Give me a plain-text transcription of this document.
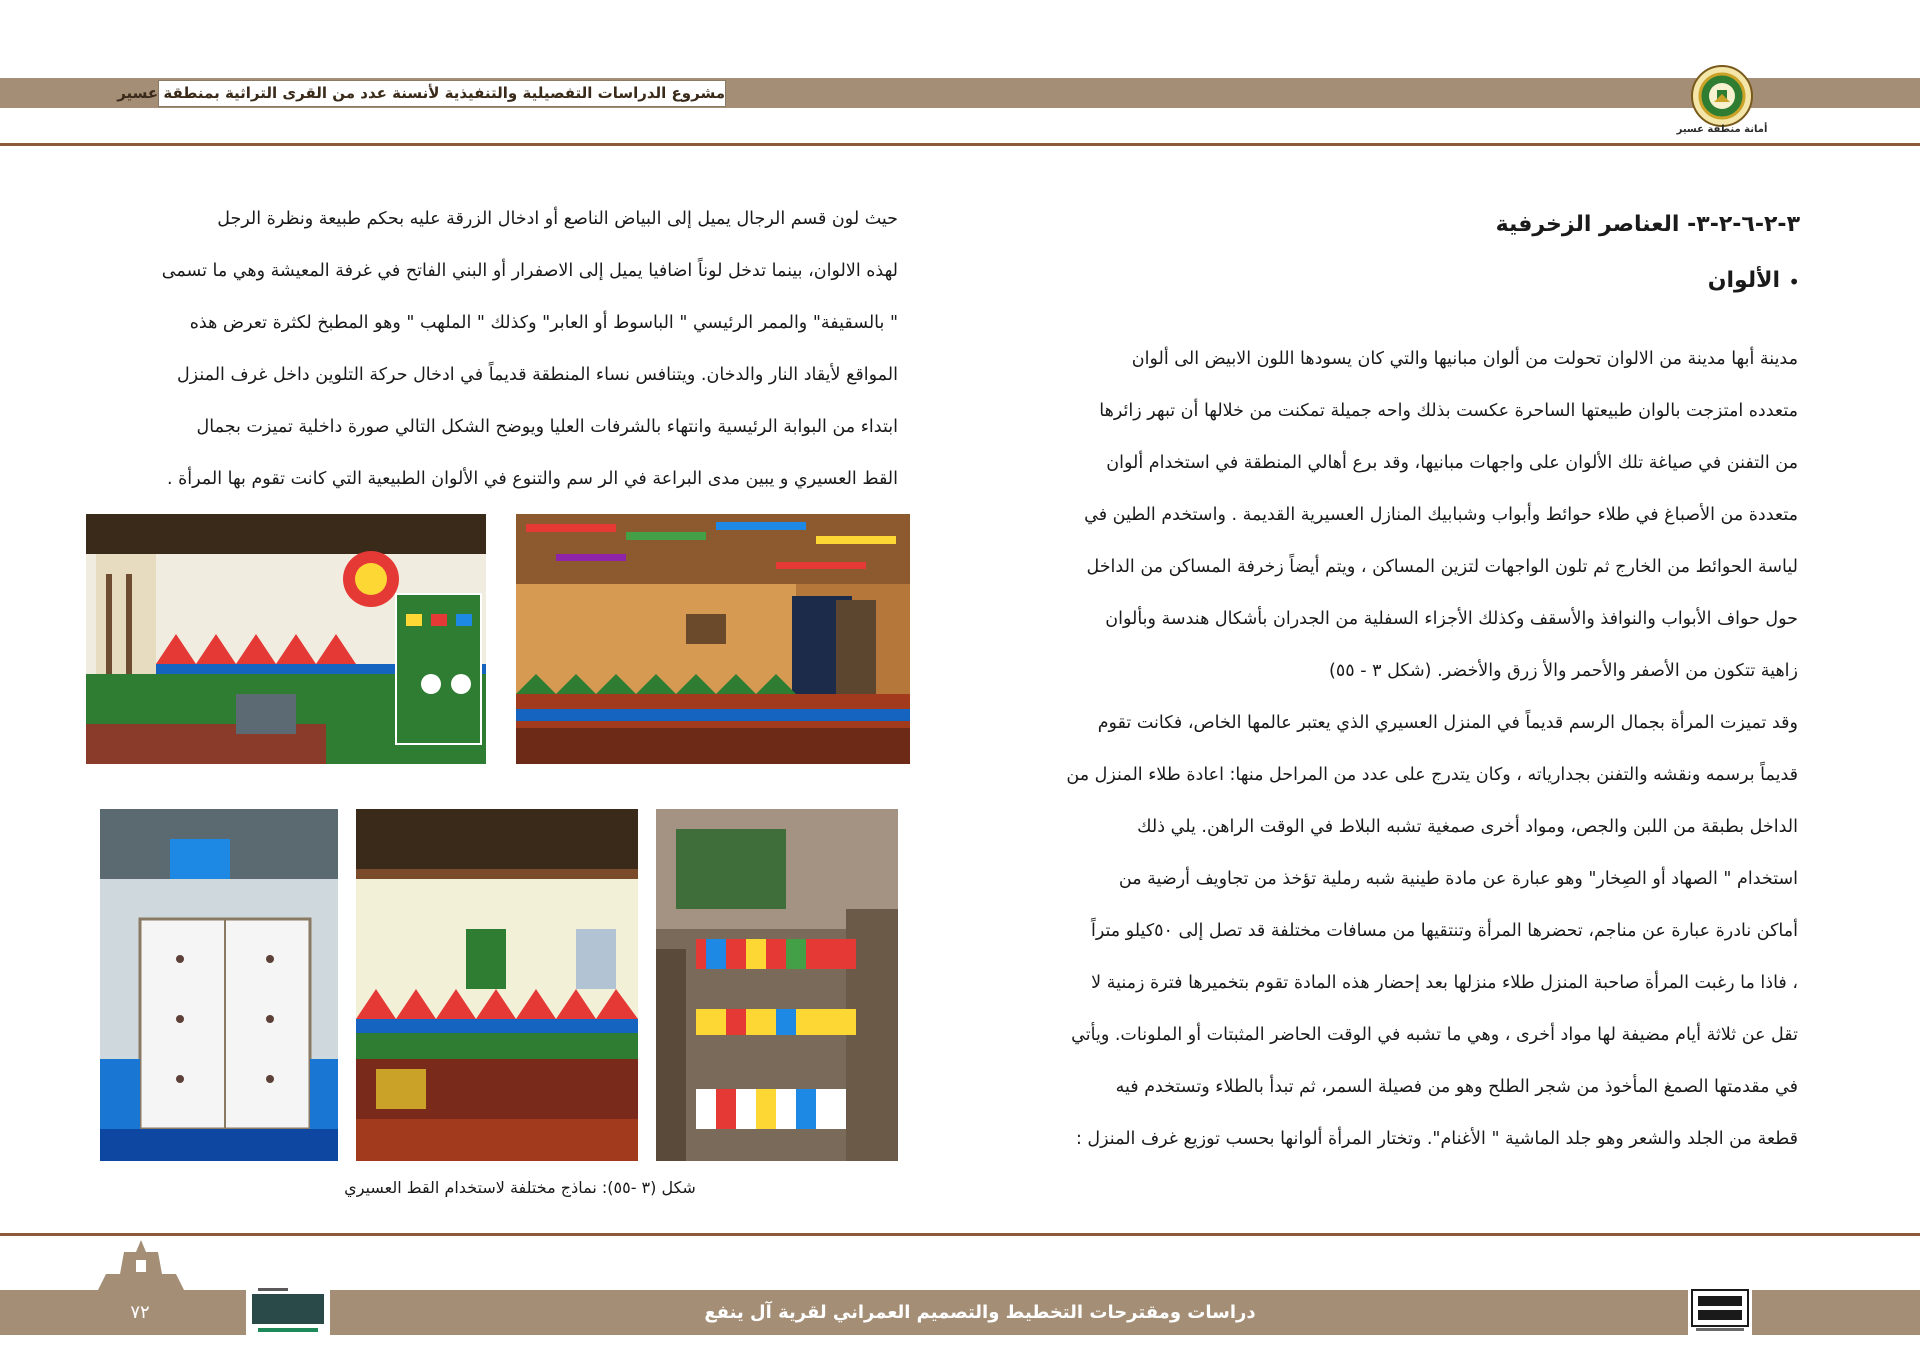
مشروع الدراسات التفصيلية والتنفيذية لأنسنة عدد من القرى التراثية بمنطقة عسير
أمانة منطقة عسير
٣-٢-٦-٢-٣- العناصر الزخرفية
•
الألوان
مدينة أبها مدينة من الالوان تحولت من ألوان مبانيها والتي كان يسودها اللون الابيض الى ألوان
متعدده امتزجت بالوان طبيعتها الساحرة عكست بذلك واحه جميلة تمكنت من خلالها أن تبهر زائرها
من التفنن في صياغة تلك الألوان على واجهات مبانيها، وقد برع أهالي المنطقة في استخدام ألوان
متعددة من الأصباغ في طلاء حوائط وأبواب وشبابيك المنازل العسيرية القديمة . واستخدم الطين في
لياسة الحوائط من الخارج ثم تلون الواجهات لتزين المساكن ، ويتم أيضاً زخرفة المساكن من الداخل
حول حواف الأبواب والنوافذ والأسقف وكذلك الأجزاء السفلية من الجدران بأشكال هندسة وبألوان
زاهية تتكون من الأصفر والأحمر والأ زرق والأخضر. (شكل ٣ - ٥٥)
وقد تميزت المرأة بجمال الرسم قديماً في المنزل العسيري الذي يعتبر عالمها الخاص، فكانت تقوم
قديماً برسمه ونقشه والتفنن بجدارياته ، وكان يتدرج على عدد من المراحل منها: اعادة طلاء المنزل من
الداخل بطبقة من اللبن والجص، ومواد أخرى صمغية تشبه البلاط في الوقت الراهن. يلي ذلك
استخدام " الصهاد أو الصِخار" وهو عبارة عن مادة طينية شبه رملية تؤخذ من تجاويف أرضية من
أماكن نادرة عبارة عن مناجم، تحضرها المرأة وتنتقيها من مسافات مختلفة قد تصل إلى ٥٠كيلو متراً
، فاذا ما رغبت المرأة صاحبة المنزل طلاء منزلها بعد إحضار هذه المادة تقوم بتخميرها فترة زمنية لا
تقل عن ثلاثة أيام مضيفة لها مواد أخرى ، وهي ما تشبه في الوقت الحاضر المثبتات أو الملونات. ويأتي
في مقدمتها الصمغ المأخوذ من شجر الطلح وهو من فصيلة السمر، ثم تبدأ بالطلاء وتستخدم فيه
قطعة من الجلد والشعر وهو جلد الماشية " الأغنام". وتختار المرأة ألوانها بحسب توزيع غرف المنزل :
حيث لون قسم الرجال يميل إلى البياض الناصع أو ادخال الزرقة عليه بحكم طبيعة ونظرة الرجل
لهذه الالوان، بينما تدخل لوناً اضافيا يميل إلى الاصفرار أو البني الفاتح في غرفة المعيشة وهي ما تسمى
" بالسقيفة" والممر الرئيسي " الباسوط أو العابر" وكذلك " الملهب " وهو المطبخ لكثرة تعرض هذه
المواقع لأيقاد النار والدخان. ويتنافس نساء المنطقة قديماً في ادخال حركة التلوين داخل غرف المنزل
ابتداء من البوابة الرئيسية وانتهاء بالشرفات العليا ويوضح الشكل التالي صورة داخلية تميزت بجمال
القط العسيري و يبين مدى البراعة في الر سم والتنوع في الألوان الطبيعية التي كانت تقوم بها المرأة .
شكل (٣ -٥٥): نماذج مختلفة لاستخدام القط العسيري
دراسات ومقترحات التخطيط والتصميم العمراني لقرية آل ينفع
٧٢
